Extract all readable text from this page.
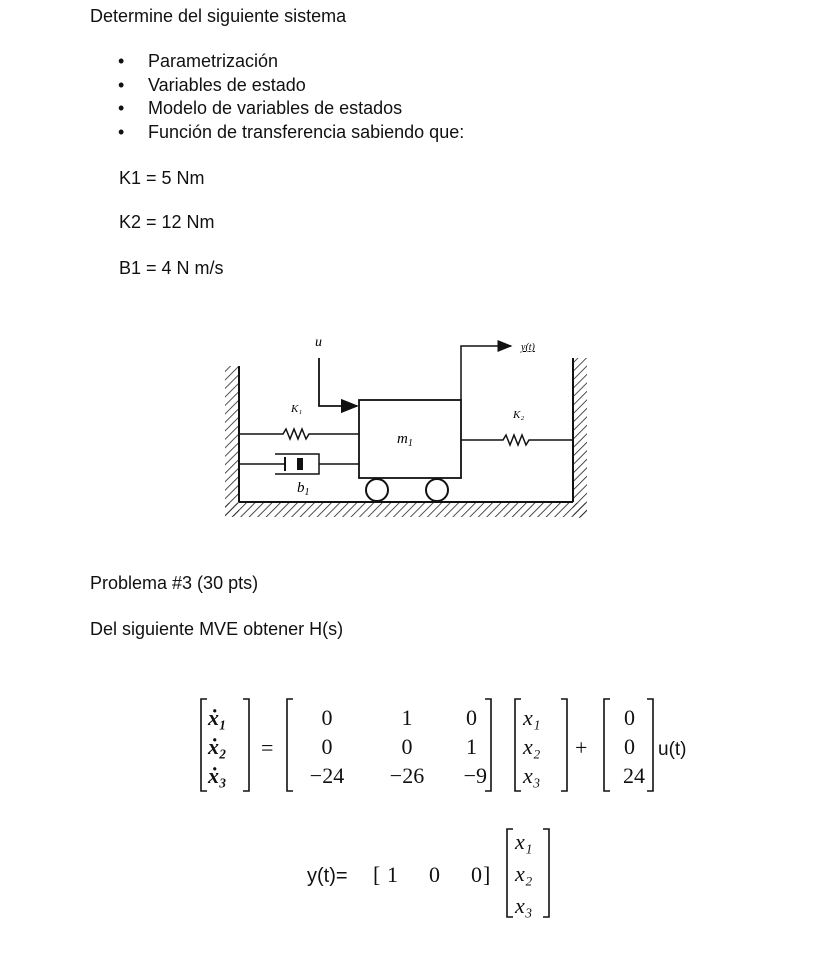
Determine del siguiente sistema
• Parametrización
• Variables de estado
• Modelo de variables de estados
• Función de transferencia sabiendo que:
K1 = 5 Nm
K2 = 12 Nm
B1 = 4 N m/s
$m_1$
K₁
$b_1$
K₂
u	y(t)
Problema #3 (30 pts)
Del siguiente MVE obtener H(s)
ẋ₁
ẋ₂
ẋ₃
=
0	1 0
0	0 1
−24 −26 −9
x₁
x₂
x₃
+
0
0
24
u(t)
y(t)= [ 1 0 0 ]
x₁
x₂
x₃
